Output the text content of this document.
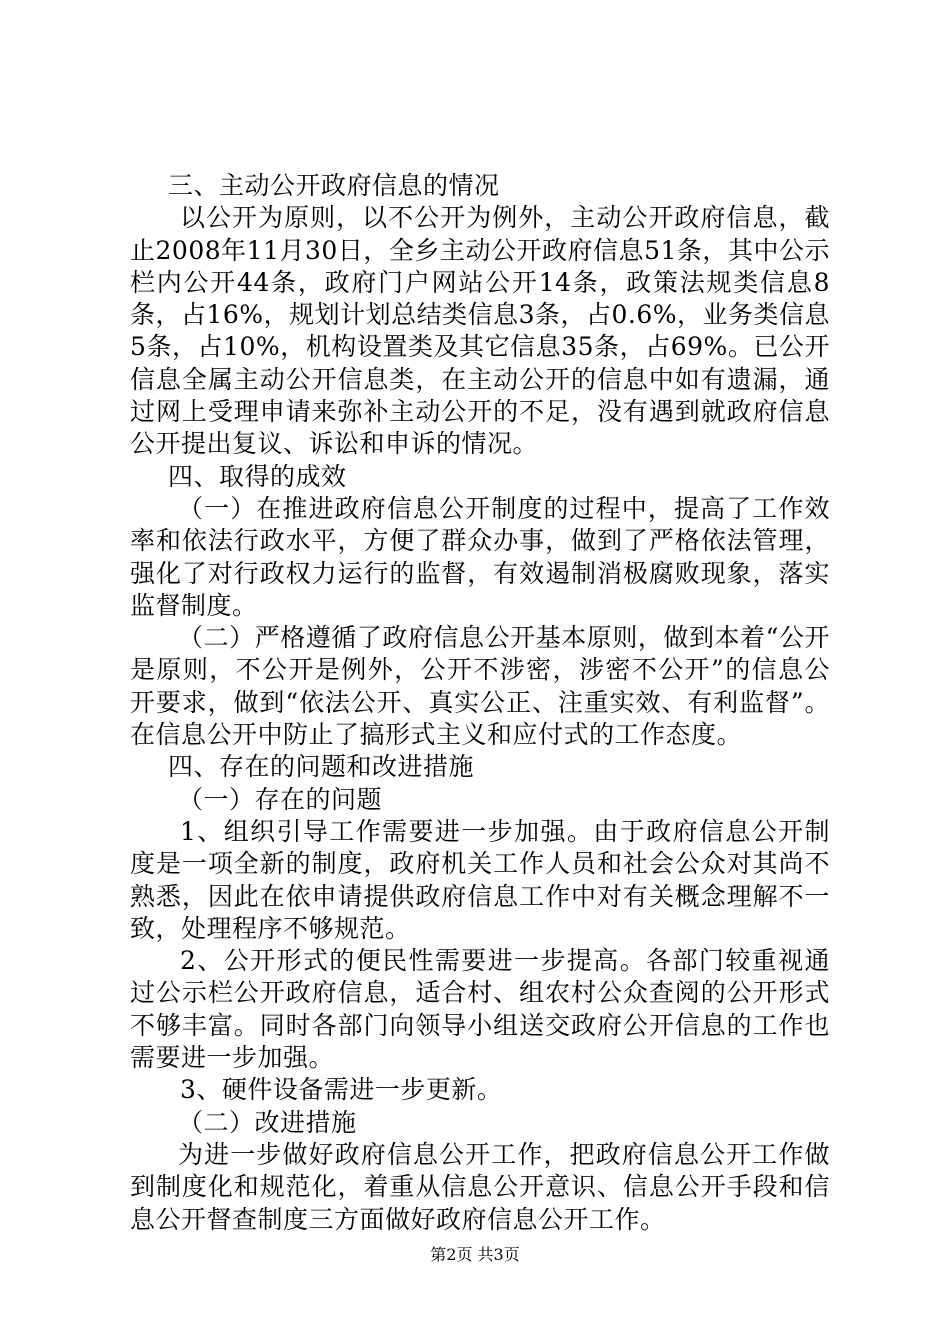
三、主动公开政府信息的情况

以公开为原则，以不公开为例外，主动公开政府信息，截止2008年11月30日，全乡主动公开政府信息51条，其中公示栏内公开44条，政府门户网站公开14条，政策法规类信息8条，占16%，规划计划总结类信息3条，占0.6%，业务类信息5条，占10%，机构设置类及其它信息35条，占69%。已公开信息全属主动公开信息类，在主动公开的信息中如有遗漏，通过网上受理申请来弥补主动公开的不足，没有遇到就政府信息公开提出复议、诉讼和申诉的情况。

四、取得的成效

（一）在推进政府信息公开制度的过程中，提高了工作效率和依法行政水平，方便了群众办事，做到了严格依法管理，强化了对行政权力运行的监督，有效遏制消极腐败现象，落实监督制度。

（二）严格遵循了政府信息公开基本原则，做到本着“公开是原则，不公开是例外，公开不涉密，涉密不公开”的信息公开要求，做到“依法公开、真实公正、注重实效、有利监督”。在信息公开中防止了搞形式主义和应付式的工作态度。

四、存在的问题和改进措施

（一）存在的问题

1、组织引导工作需要进一步加强。由于政府信息公开制度是一项全新的制度，政府机关工作人员和社会公众对其尚不熟悉，因此在依申请提供政府信息工作中对有关概念理解不一致，处理程序不够规范。

2、公开形式的便民性需要进一步提高。各部门较重视通过公示栏公开政府信息，适合村、组农村公众查阅的公开形式不够丰富。同时各部门向领导小组送交政府公开信息的工作也需要进一步加强。

3、硬件设备需进一步更新。

（二）改进措施

为进一步做好政府信息公开工作，把政府信息公开工作做到制度化和规范化，着重从信息公开意识、信息公开手段和信息公开督查制度三方面做好政府信息公开工作。

第2页 共3页
